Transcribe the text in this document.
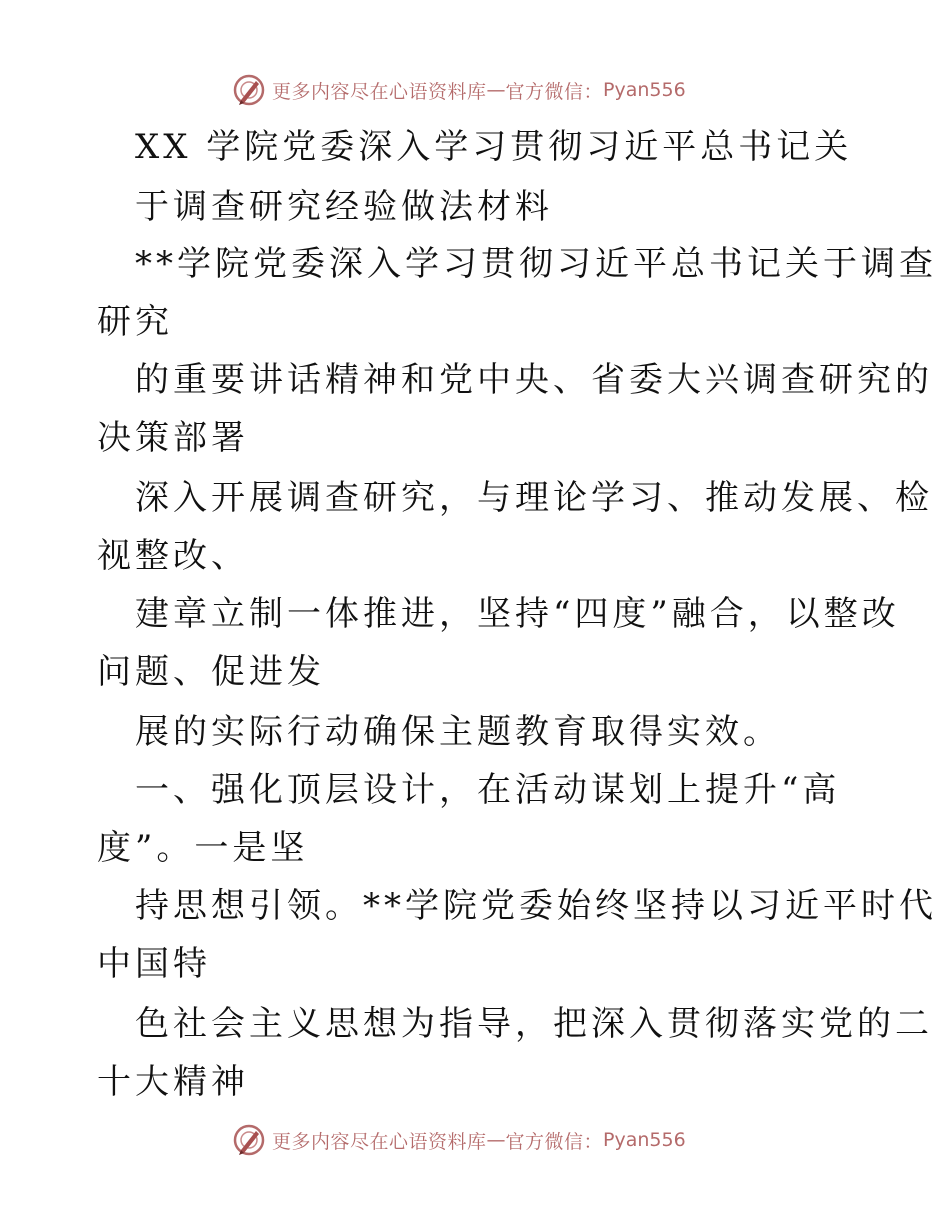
更多内容尽在心语资料库 — 官方微信： Pyan556
XX 学院党委深入学习贯彻习近平总书记关
于调查研究经验做法材料
**学院党委深入学习贯彻习近平总书记关于调查
研究
的重要讲话精神和党中央、省委大兴调查研究的
决策部署
深入开展调查研究，与理论学习、推动发展、检
视整改、
建章立制一体推进，坚持“四度”融合，以整改
问题、促进发
展的实际行动确保主题教育取得实效。
一、强化顶层设计，在活动谋划上提升“高
度”。一是坚
持思想引领。**学院党委始终坚持以习近平时代
中国特
色社会主义思想为指导，把深入贯彻落实党的二
十大精神
更多内容尽在心语资料库 — 官方微信： Pyan556
